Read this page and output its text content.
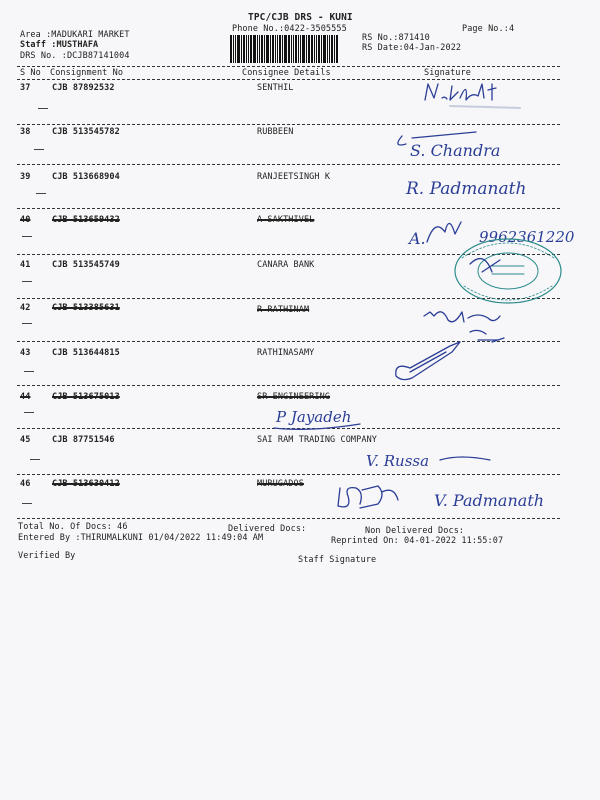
TPC/CJB DRS - KUNI
Phone No.:0422-3505555	Page No.:4
Area :MADUKARI MARKET
Staff :MUSTHAFA
DRS No. :DCJB87141004
RS No.:871410
RS Date:04-Jan-2022
S No Consignment No	Consignee Details	Signature
37	CJB 87892532	SENTHIL
38	CJB 513545782	RUBBEEN
39	CJB 513668904	RANJEETSINGH K
40	CJB 513659432	A SAKTHIVEL
41	CJB 513545749	CANARA BANK
42	CJB 513385631	R RATHINAM
43	CJB 513644815	RATHINASAMY
44	CJB 513675013	SR ENGINEERING
45	CJB 87751546	SAI RAM TRADING COMPANY
46	CJB 513630412	MURUGADOS
Total No. Of Docs: 46	Delivered Docs:	Non Delivered Docs:
Entered By :THIRUMALKUNI 01/04/2022 11:49:04 AM	Reprinted On: 04-01-2022 11:55:07
Verified By	Staff Signature
S. Chandra
R. Padmanath
A.	9962361220
P Jayadeh
V. Russa
V. Padmanath
